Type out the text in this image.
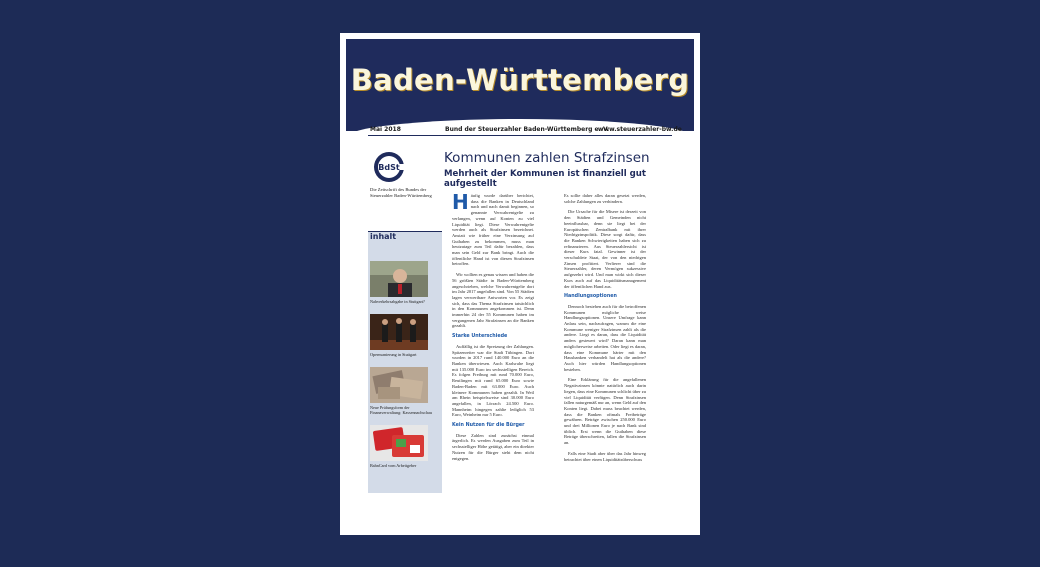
Baden-Württemberg
Mai 2018	Bund der Steuerzahler Baden-Württemberg e. V.
www.steuerzahler-bw.de
BdSt
Die Zeitschrift des Bundes der Steuerzahler Baden-Württemberg
inhalt
Nahverkehrsabgabe in Stuttgart?
Opernsanierung in Stuttgart
Neue Prüfungsform der Finanzverwaltung: Kassennachschau
BahnCard vom Arbeitgeber
Kommunen zahlen Strafzinsen
Mehrheit der Kommunen ist finanziell gut aufgestellt
H äufig wurde darüber berichtet, dass die Banken in Deutschland nach und nach damit beginnen, so genannte Verwahrentgelte zu verlangen, wenn auf Konten zu viel Liquidität liegt. Diese Verwahrentgelte werden auch als Strafzinsen bezeichnet. Anstatt wie früher eine Verzinsung auf Guthaben zu bekommen, muss man heutzutage zum Teil dafür bezahlen, dass man sein Geld zur Bank bringt. Auch die öffentliche Hand ist von diesen Strafzinsen betroffen.

Wir wollten es genau wissen und haben die 56 größten Städte in Baden-Württemberg angeschrieben, welche Verwahrentgelte dort im Jahr 2017 angefallen sind. Von 55 Städten lagen verwertbare Antworten vor. Es zeigt sich, dass das Thema Strafzinsen tatsächlich in den Kommunen angekommen ist. Denn immerhin 24 der 55 Kommunen haben im vergangenen Jahr Strafzinsen an die Banken gezahlt.

Starke Unterschiede

Auffällig ist die Spreizung der Zahlungen. Spitzenreiter war die Stadt Tübingen. Dort wurden in 2017 rund 140.000 Euro an die Banken überwiesen. Auch Karlsruhe liegt mit 135.000 Euro im sechsstelligen Bereich. Es folgen Freiburg mit rund 70.000 Euro, Reutlingen mit rund 65.000 Euro sowie Baden-Baden mit 63.000 Euro. Auch kleinere Kommunen haben gezahlt. In Weil am Rhein beispielsweise sind 30.000 Euro angefallen, in Lörrach 24.500 Euro. Mannheim hingegen zahlte lediglich 53 Euro, Weinheim nur 5 Euro.

Kein Nutzen für die Bürger

Diese Zahlen sind zunächst einmal ärgerlich. Es werden Ausgaben zum Teil in sechsstelliger Höhe getätigt, aber ein direkter Nutzen für die Bürger steht dem nicht entgegen.

Es sollte daher alles daran gesetzt werden, solche Zahlungen zu verhindern.

Die Ursache für die Misere ist derzeit von den Städten und Gemeinden nicht beeinflussbar, denn sie liegt bei der Europäischen Zentralbank mit ihrer Niedrigzinspolitik. Diese sorgt dafür, dass die Banken Schwierigkeiten haben sich zu refinanzieren. Aus Steuerzahlersicht ist dieser Kurs fatal. Gewinner ist der verschuldete Staat, der von den niedrigen Zinsen profitiert. Verlierer sind die Steuerzahler, deren Vermögen sukzessive aufgezehrt wird. Und man wirkt sich dieser Kurs auch auf das Liquiditätsmanagement der öffentlichen Hand aus.

Handlungsoptionen

Dennoch bestehen auch für die betroffenen Kommunen mögliche weise Handlungsoptionen. Unsere Umfrage kann Anlass sein, nachzufragen, warum die eine Kommune weniger Strafzinsen zahlt als die andere. Liegt es daran, dass die Liquidität anders gesteuert wird? Daran kann man möglicherweise arbeiten. Oder liegt es daran, dass eine Kommune härter mit den Hausbanken verhandelt hat als die andere? Auch hier würden Handlungsoptionen bestehen.

Eine Erklärung für die angefallenen Negativzinsen könnte natürlich auch darin liegen, dass eine Kommunen schlicht über zu viel Liquidität verfügen. Denn Strafzinsen fallen naturgemäß nur an, wenn Geld auf den Konten liegt. Dabei muss beachtet werden, dass die Banken oftmals Freibeträge gewähren. Beträge zwischen 250.000 Euro und drei Millionen Euro je nach Bank sind üblich. Erst wenn die Guthaben diese Beträge überschreiten, fallen die Strafzinsen an.

Falls eine Stadt aber über das Jahr hinweg betrachtet über einen Liquiditätsüberschuss
